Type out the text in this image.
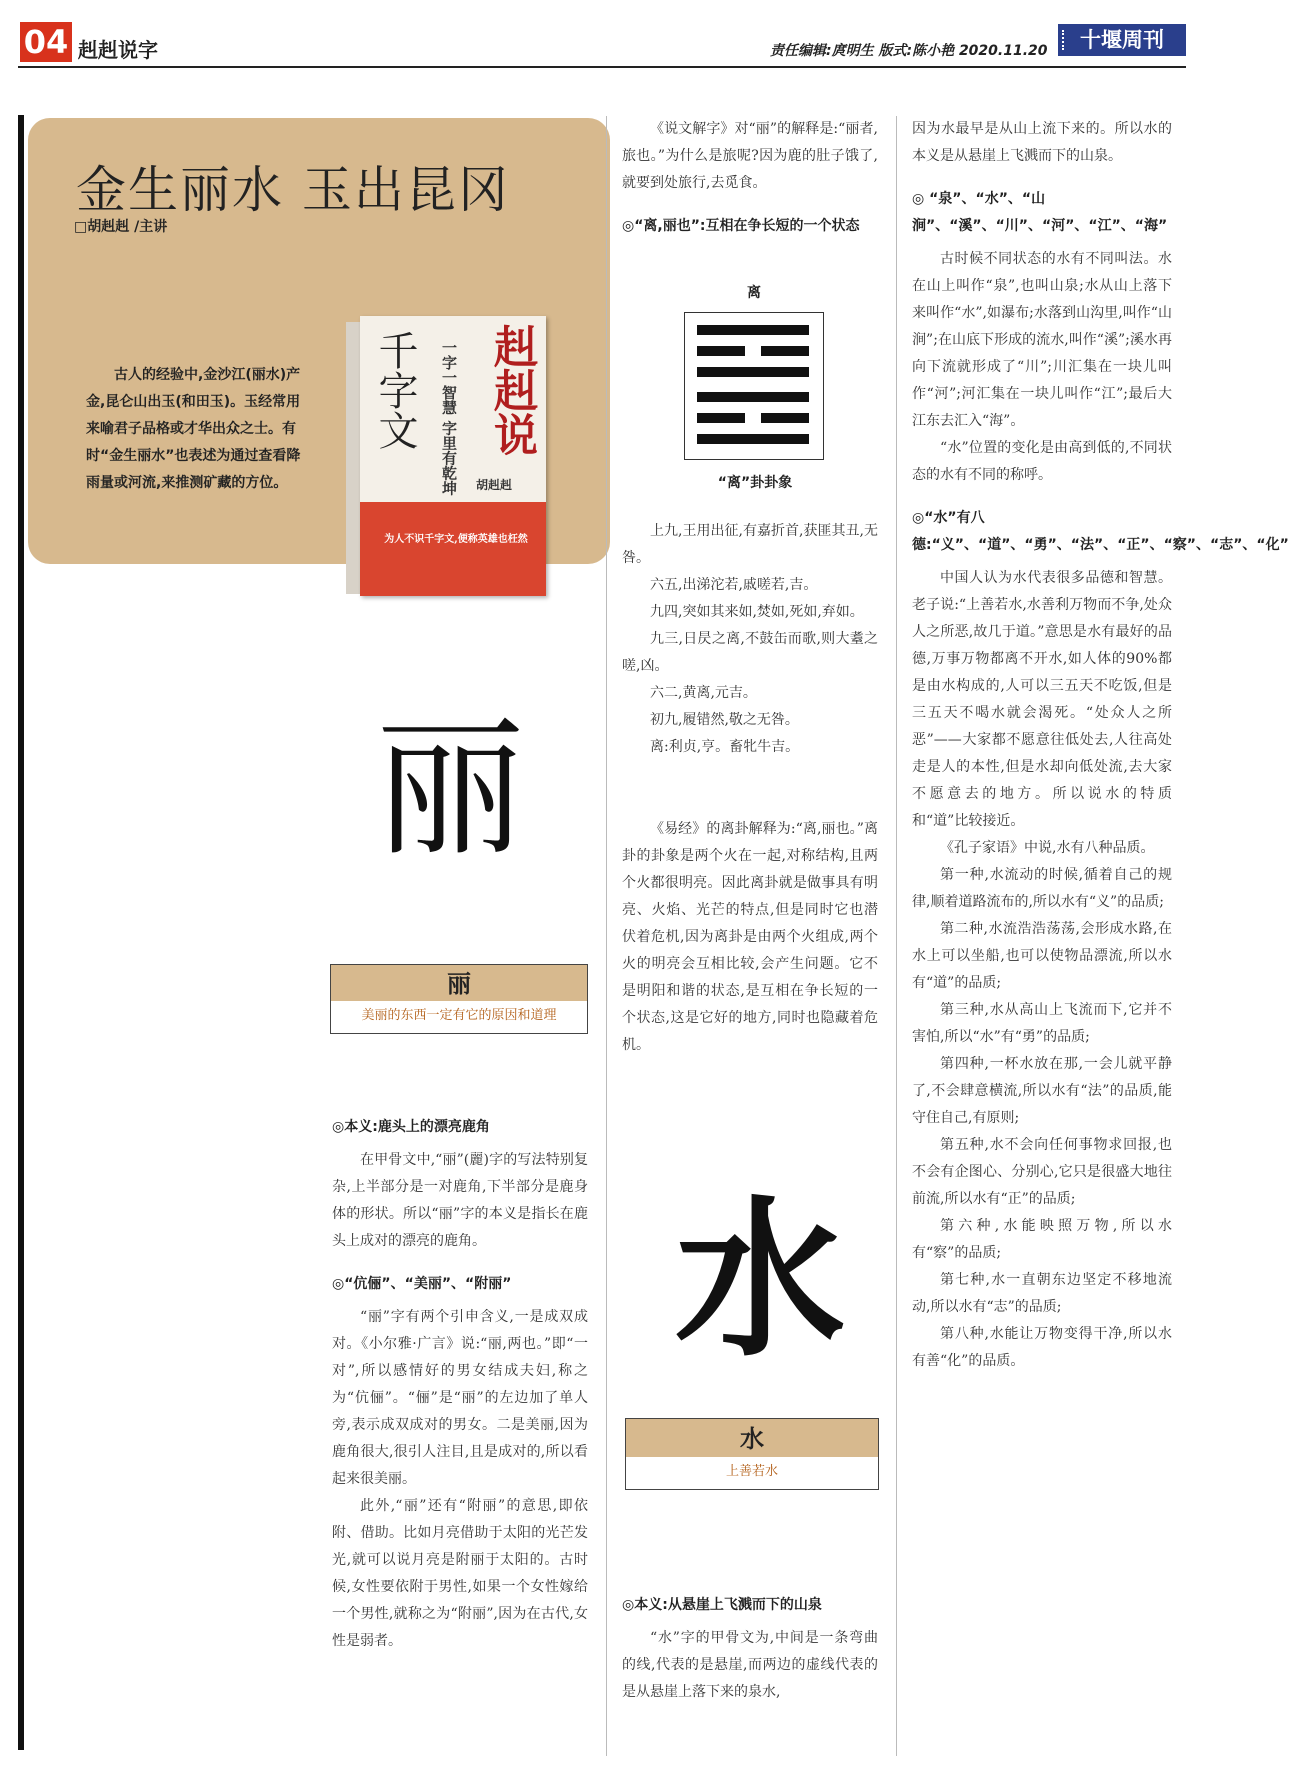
04 赳赳说字	责任编辑:庹明生 版式:陈小艳 2020.11.20	十堰周刊
金生丽水 玉出昆冈
□胡赳赳 /主讲
古人的经验中,金沙江(丽水)产金,昆仑山出玉(和田玉)。玉经常用来喻君子品格或才华出众之士。有时“金生丽水”也表述为通过查看降雨量或河流,来推测矿藏的方位。
赳赳说
千字文 一字一智慧 字里有乾坤 胡赳赳
为人不识千字文,便称英雄也枉然
丽
丽
美丽的东西一定有它的原因和道理
水
水
上善若水
◎本义:鹿头上的漂亮鹿角

在甲骨文中,“丽”(麗)字的写法特别复杂,上半部分是一对鹿角,下半部分是鹿身体的形状。所以“丽”字的本义是指长在鹿头上成对的漂亮的鹿角。

◎“伉俪”、“美丽”、“附丽”

“丽”字有两个引申含义,一是成双成对。《小尔雅·广言》说:“丽,两也。”即“一对”,所以感情好的男女结成夫妇,称之为“伉俪”。“俪”是“丽”的左边加了单人旁,表示成双成对的男女。二是美丽,因为鹿角很大,很引人注目,且是成对的,所以看起来很美丽。

此外,“丽”还有“附丽”的意思,即依附、借助。比如月亮借助于太阳的光芒发光,就可以说月亮是附丽于太阳的。古时候,女性要依附于男性,如果一个女性嫁给一个男性,就称之为“附丽”,因为在古代,女性是弱者。

《说文解字》对“丽”的解释是:“丽者,旅也。”为什么是旅呢?因为鹿的肚子饿了,就要到处旅行,去觅食。

◎“离,丽也”:互相在争长短的一个状态
离
“离”卦卦象

上九,王用出征,有嘉折首,获匪其丑,无咎。

六五,出涕沱若,戚嗟若,吉。

九四,突如其来如,焚如,死如,弃如。

九三,日昃之离,不鼓缶而歌,则大耋之嗟,凶。

六二,黄离,元吉。

初九,履错然,敬之无咎。

离:利贞,亨。畜牝牛吉。

《易经》的离卦解释为:“离,丽也。”离卦的卦象是两个火在一起,对称结构,且两个火都很明亮。因此离卦就是做事具有明亮、火焰、光芒的特点,但是同时它也潜伏着危机,因为离卦是由两个火组成,两个火的明亮会互相比较,会产生问题。它不是明阳和谐的状态,是互相在争长短的一个状态,这是它好的地方,同时也隐藏着危机。

◎本义:从悬崖上飞溅而下的山泉

“水”字的甲骨文为,中间是一条弯曲的线,代表的是悬崖,而两边的虚线代表的是从悬崖上落下来的泉水,

因为水最早是从山上流下来的。所以水的本义是从悬崖上飞溅而下的山泉。

◎ “泉”、“水”、“山涧”、“溪”、“川”、“河”、“江”、“海”

古时候不同状态的水有不同叫法。水在山上叫作“泉”,也叫山泉;水从山上落下来叫作“水”,如瀑布;水落到山沟里,叫作“山涧”;在山底下形成的流水,叫作“溪”;溪水再向下流就形成了“川”;川汇集在一块儿叫作“河”;河汇集在一块儿叫作“江”;最后大江东去汇入“海”。

“水”位置的变化是由高到低的,不同状态的水有不同的称呼。

◎“水”有八德:“义”、“道”、“勇”、“法”、“正”、“察”、“志”、“化”

中国人认为水代表很多品德和智慧。老子说:“上善若水,水善利万物而不争,处众人之所恶,故几于道。”意思是水有最好的品德,万事万物都离不开水,如人体的90%都是由水构成的,人可以三五天不吃饭,但是三五天不喝水就会渴死。“处众人之所恶”——大家都不愿意往低处去,人往高处走是人的本性,但是水却向低处流,去大家不愿意去的地方。所以说水的特质和“道”比较接近。

《孔子家语》中说,水有八种品质。

第一种,水流动的时候,循着自己的规律,顺着道路流布的,所以水有“义”的品质;

第二种,水流浩浩荡荡,会形成水路,在水上可以坐船,也可以使物品漂流,所以水有“道”的品质;

第三种,水从高山上飞流而下,它并不害怕,所以“水”有“勇”的品质;

第四种,一杯水放在那,一会儿就平静了,不会肆意横流,所以水有“法”的品质,能守住自己,有原则;

第五种,水不会向任何事物求回报,也不会有企图心、分别心,它只是很盛大地往前流,所以水有“正”的品质;

第六种,水能映照万物,所以水有“察”的品质;

第七种,水一直朝东边坚定不移地流动,所以水有“志”的品质;

第八种,水能让万物变得干净,所以水有善“化”的品质。
